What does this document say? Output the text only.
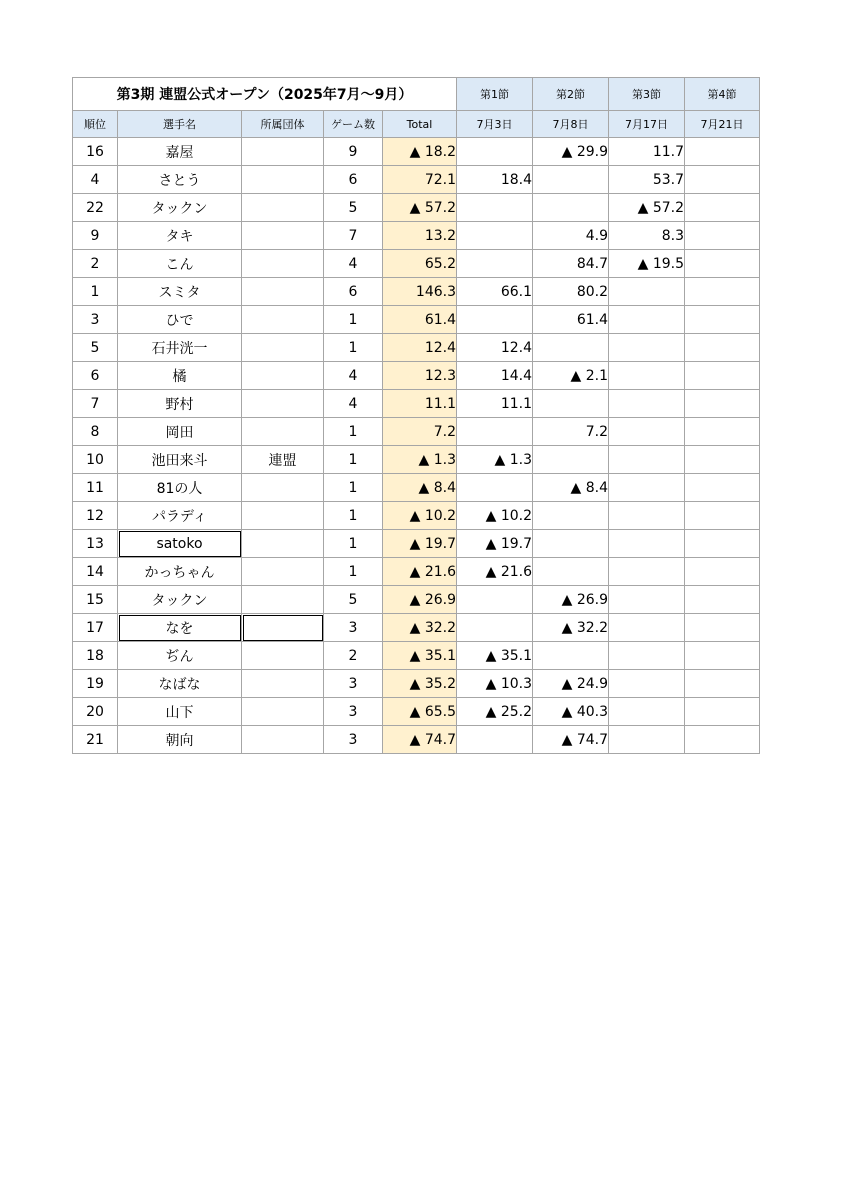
第3期 連盟公式オープン（2025年7月～9月）					第1節	第2節	第3節	第4節
順位	選手名	所属団体	ゲーム数	Total	7月3日	7月8日	7月17日	7月21日
16	嘉屋		9	▲ 18.2		▲ 29.9	11.7	
4	さとう		6	72.1	18.4		53.7	
22	タックン		5	▲ 57.2			▲ 57.2	
9	タキ		7	13.2		4.9	8.3	
2	こん		4	65.2		84.7	▲ 19.5	
1	スミタ		6	146.3	66.1	80.2		
3	ひで		1	61.4		61.4		
5	石井洸一		1	12.4	12.4			
6	橘		4	12.3	14.4	▲ 2.1		
7	野村		4	11.1	11.1			
8	岡田		1	7.2		7.2		
10	池田来斗	連盟	1	▲ 1.3	▲ 1.3			
11	81の人		1	▲ 8.4		▲ 8.4		
12	パラディ		1	▲ 10.2	▲ 10.2			
13	satoko		1	▲ 19.7	▲ 19.7			
14	かっちゃん		1	▲ 21.6	▲ 21.6			
15	タックン		5	▲ 26.9		▲ 26.9		
17	なを		3	▲ 32.2		▲ 32.2		
18	ぢん		2	▲ 35.1	▲ 35.1			
19	なばな		3	▲ 35.2	▲ 10.3	▲ 24.9		
20	山下		3	▲ 65.5	▲ 25.2	▲ 40.3		
21	朝向		3	▲ 74.7		▲ 74.7		
